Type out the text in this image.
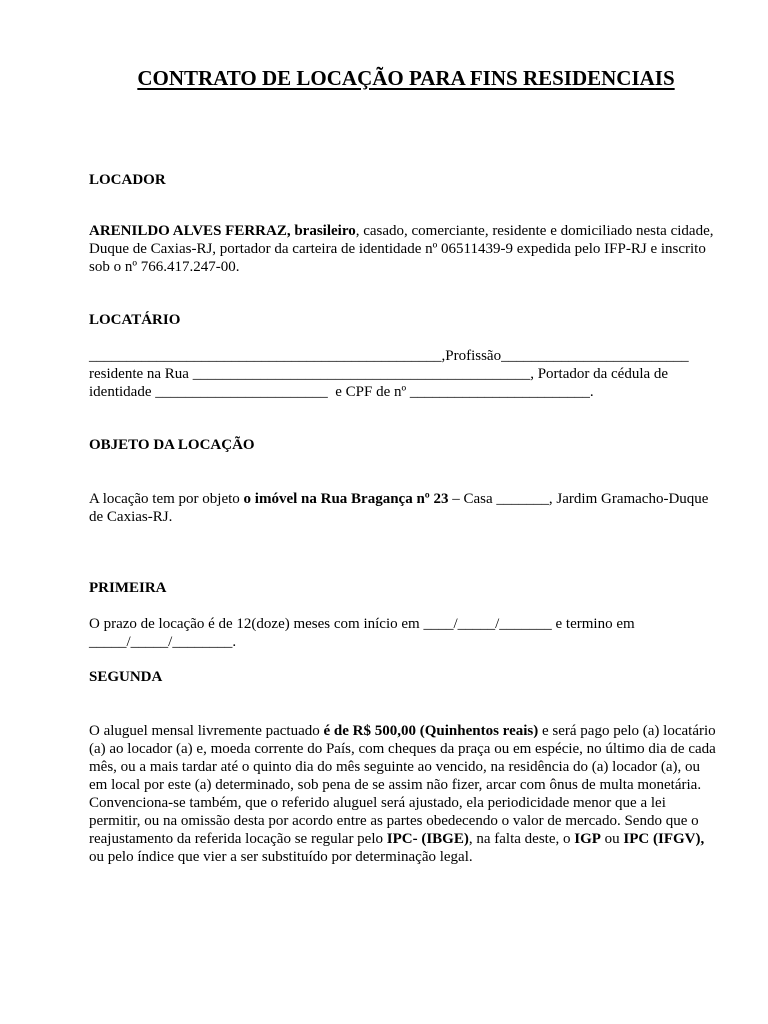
CONTRATO DE LOCAÇÃO PARA FINS RESIDENCIAIS
LOCADOR
ARENILDO ALVES FERRAZ, brasileiro, casado, comerciante, residente e domiciliado nesta cidade,
Duque de Caxias-RJ, portador da carteira de identidade nº 06511439-9 expedida pelo IFP-RJ e inscrito
sob o nº 766.417.247-00.
LOCATÁRIO
_______________________________________________,Profissão_________________________
residente na Rua _____________________________________________, Portador da cédula de
identidade _______________________  e CPF de nº ________________________.
OBJETO DA LOCAÇÃO
A locação tem por objeto o imóvel na Rua Bragança nº 23 – Casa _______, Jardim Gramacho-Duque
de Caxias-RJ.
PRIMEIRA
O prazo de locação é de 12(doze) meses com início em ____/_____/_______ e termino em
_____/_____/________.
SEGUNDA
O aluguel mensal livremente pactuado é de R$ 500,00 (Quinhentos reais) e será pago pelo (a) locatário
(a) ao locador (a) e, moeda corrente do País, com cheques da praça ou em espécie, no último dia de cada
mês, ou a mais tardar até o quinto dia do mês seguinte ao vencido, na residência do (a) locador (a), ou
em local por este (a) determinado, sob pena de se assim não fizer, arcar com ônus de multa monetária.
Convenciona-se também, que o referido aluguel será ajustado, ela periodicidade menor que a lei
permitir, ou na omissão desta por acordo entre as partes obedecendo o valor de mercado. Sendo que o
reajustamento da referida locação se regular pelo IPC- (IBGE), na falta deste, o IGP ou IPC (IFGV),
ou pelo índice que vier a ser substituído por determinação legal.
